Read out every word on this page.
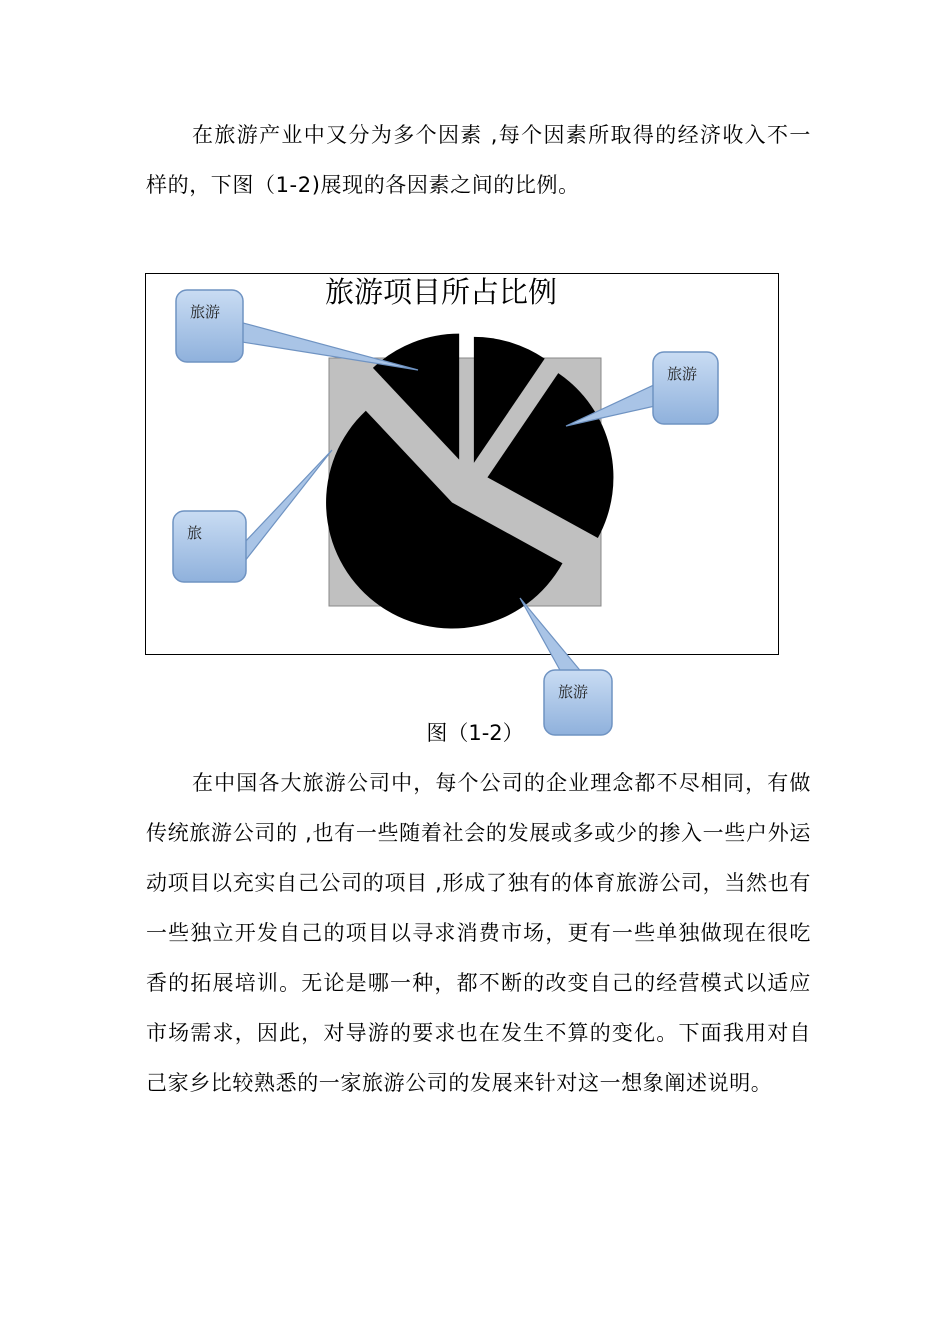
在旅游产业中又分为多个因素 ,每个因素所取得的经济收入不一样的，下图（1-2)展现的各因素之间的比例。

旅游项目所占比例
旅游
旅游
旅游
旅
图（1-2）

在中国各大旅游公司中，每个公司的企业理念都不尽相同，有做传统旅游公司的 ,也有一些随着社会的发展或多或少的掺入一些户外运动项目以充实自己公司的项目 ,形成了独有的体育旅游公司，当然也有一些独立开发自己的项目以寻求消费市场，更有一些单独做现在很吃香的拓展培训。无论是哪一种，都不断的改变自己的经营模式以适应市场需求，因此，对导游的要求也在发生不算的变化。下面我用对自己家乡比较熟悉的一家旅游公司的发展来针对这一想象阐述说明。
